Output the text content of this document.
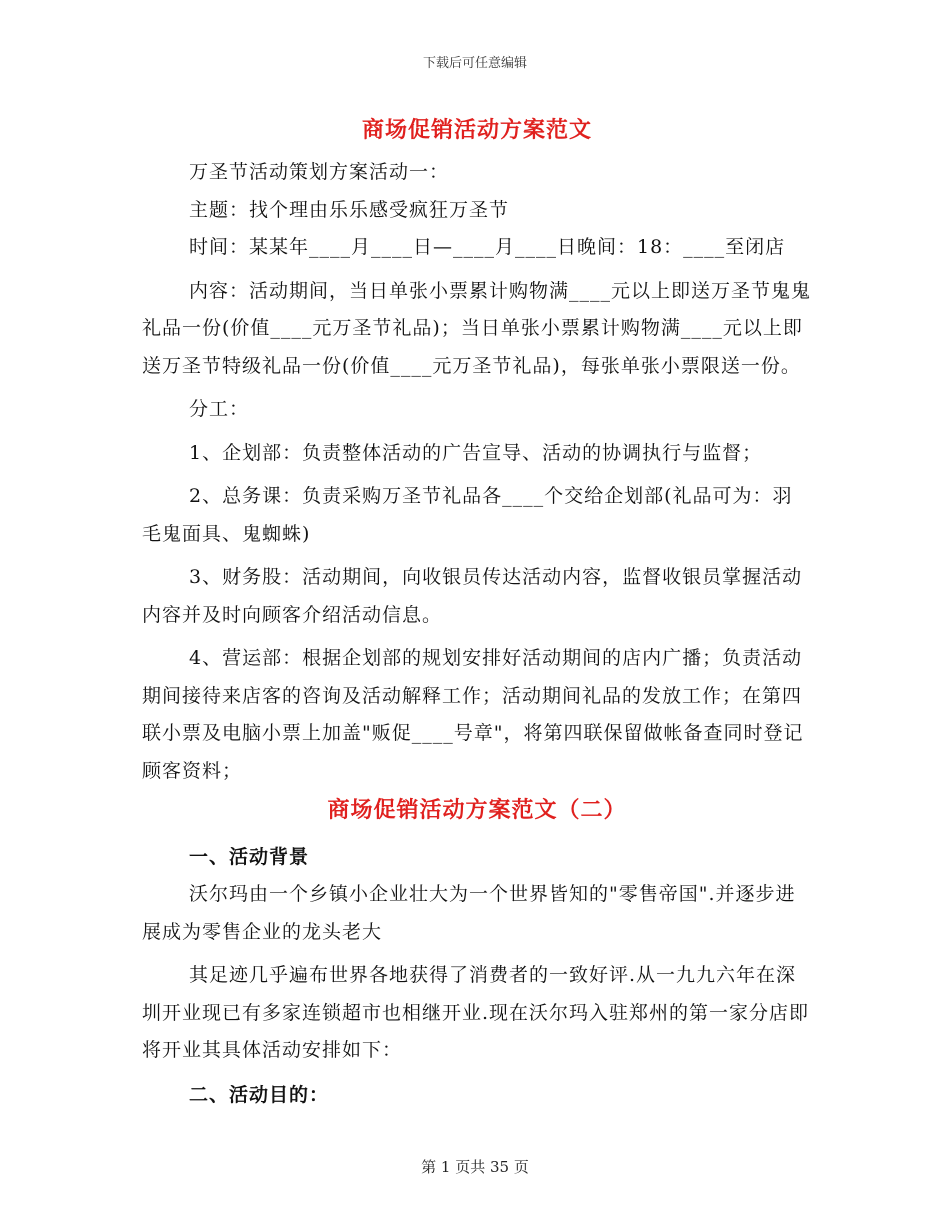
下载后可任意编辑
商场促销活动方案范文

万圣节活动策划方案活动一：

主题：找个理由乐乐感受疯狂万圣节

时间：某某年____月____日—____月____日晚间：18：____至闭店

内容：活动期间，当日单张小票累计购物满____元以上即送万圣节鬼鬼礼品一份(价值____元万圣节礼品)；当日单张小票累计购物满____元以上即送万圣节特级礼品一份(价值____元万圣节礼品)，每张单张小票限送一份。

分工：

1、企划部：负责整体活动的广告宣导、活动的协调执行与监督；

2、总务课：负责采购万圣节礼品各____个交给企划部(礼品可为：羽毛鬼面具、鬼蜘蛛)

3、财务股：活动期间，向收银员传达活动内容，监督收银员掌握活动内容并及时向顾客介绍活动信息。

4、营运部：根据企划部的规划安排好活动期间的店内广播；负责活动期间接待来店客的咨询及活动解释工作；活动期间礼品的发放工作；在第四联小票及电脑小票上加盖"贩促____号章"，将第四联保留做帐备查同时登记顾客资料；

商场促销活动方案范文（二）
一、活动背景

沃尔玛由一个乡镇小企业壮大为一个世界皆知的"零售帝国".并逐步进展成为零售企业的龙头老大

其足迹几乎遍布世界各地获得了消费者的一致好评.从一九九六年在深圳开业现已有多家连锁超市也相继开业.现在沃尔玛入驻郑州的第一家分店即将开业其具体活动安排如下：

二、活动目的：
第 1 页共 35 页
